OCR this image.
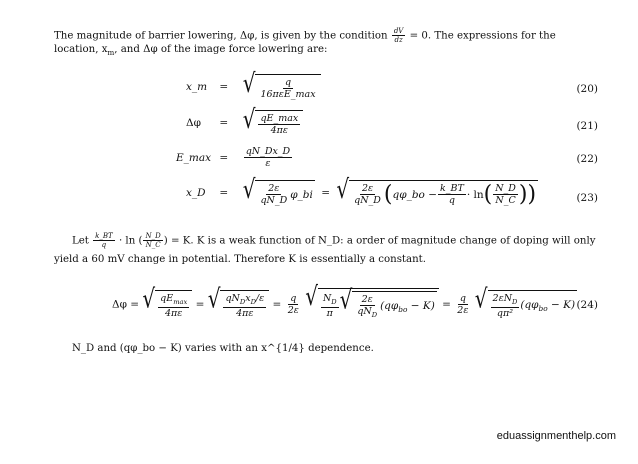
The magnitude of barrier lowering, Δφ, is given by the condition $\frac{dV}{dz} = 0$. The expressions for the
location, $x_m$, and Δφ of the image force lowering are:
x_m = √ $\frac{q}{\text{16πεE\_max}}$	(20)
Δφ = √ $\frac{qE\_\max}{4\pi\varepsilon}$	(21)
E_max = $\frac{qN\_Dx\_D}{\varepsilon}$	(22)
x_D = √ $\frac{2\varepsilon}{qN\_D}$ φ_bi = √ $\frac{2\varepsilon}{qN\_D}$ ( qφ_bo − $\frac{k\_BT}{q} \cdot \ln$ ( $\frac{N\_D}{N\_C}$ ))	(23)
Let $\frac{k\_BT}{q} \cdot \ln$ ( $\frac{N\_D}{N\_C}$ ) = K. K is a weak function of N_D: a order of magnitude change of doping will only
yield a 60 mV change in potential. Therefore K is essentially a constant.
Δφ = √ $\frac{qE_{max}}{4\pi\varepsilon}$ = √ $\frac{qN_Dx_D/\varepsilon}{4\pi\varepsilon} = \frac{q}{2\varepsilon}$
√ $\frac{N_D}{\pi}$ √ $\frac{2\varepsilon}{qN_D} (q\varphi_{bo} - K) = \frac{q}{2\varepsilon}$
√ $\frac{2\varepsilon N_D}{\text{qπ²}} (q\varphi_{bo} - K)$ (24)
N_D and (qφ_bo − K) varies with an x^{1/4} dependence.
eduassignmenthelp.com
